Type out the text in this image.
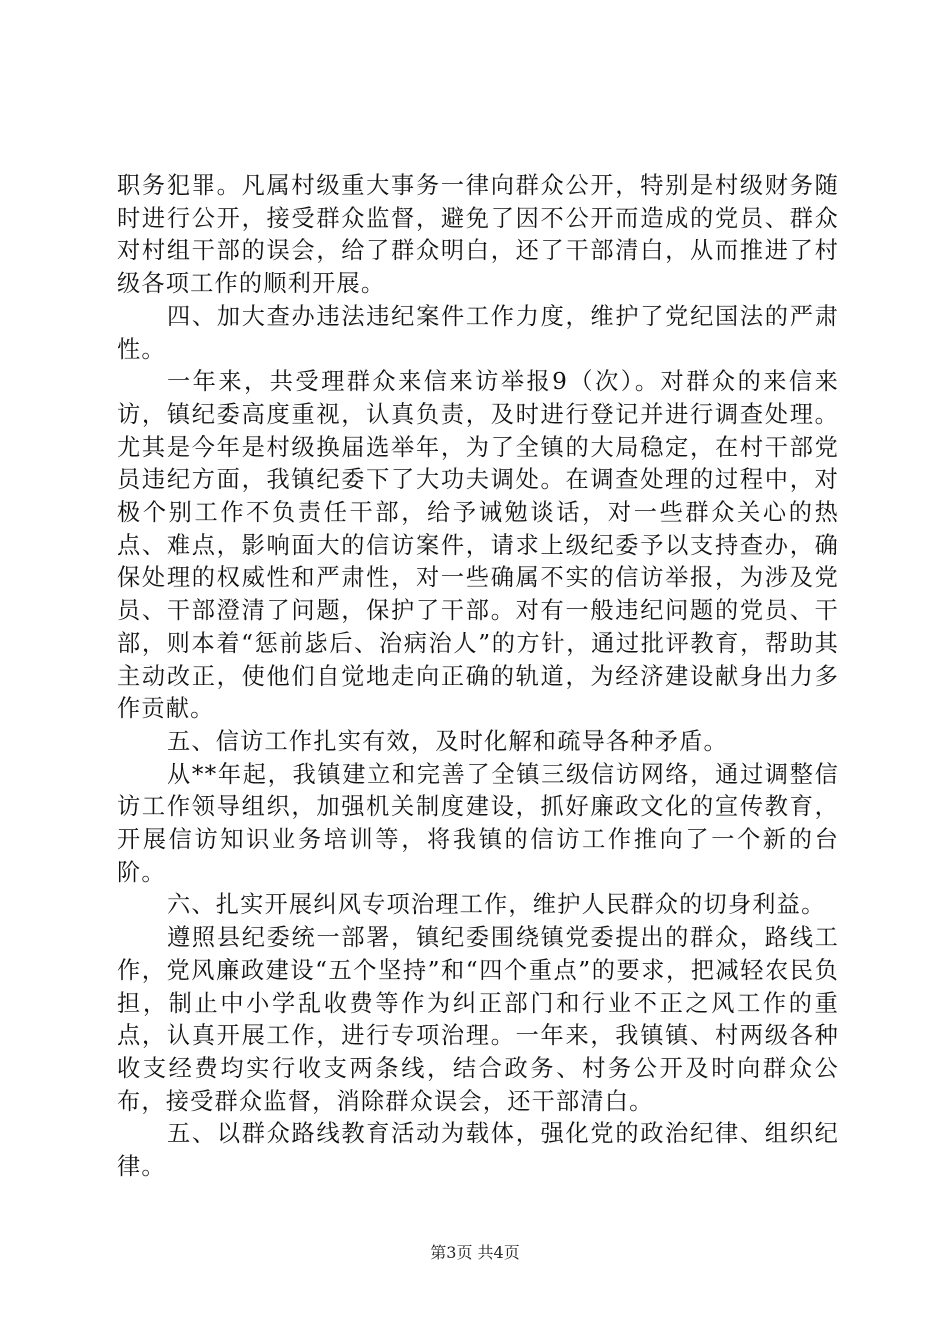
职务犯罪。凡属村级重大事务一律向群众公开，特别是村级财务随时进行公开，接受群众监督，避免了因不公开而造成的党员、群众对村组干部的误会，给了群众明白，还了干部清白，从而推进了村级各项工作的顺利开展。

四、加大查办违法违纪案件工作力度，维护了党纪国法的严肃性。

一年来，共受理群众来信来访举报9（次）。对群众的来信来访，镇纪委高度重视，认真负责，及时进行登记并进行调查处理。尤其是今年是村级换届选举年，为了全镇的大局稳定，在村干部党员违纪方面，我镇纪委下了大功夫调处。在调查处理的过程中，对极个别工作不负责任干部，给予诫勉谈话，对一些群众关心的热点、难点，影响面大的信访案件，请求上级纪委予以支持查办，确保处理的权威性和严肃性，对一些确属不实的信访举报，为涉及党员、干部澄清了问题，保护了干部。对有一般违纪问题的党员、干部，则本着“惩前毖后、治病治人”的方针，通过批评教育，帮助其主动改正，使他们自觉地走向正确的轨道，为经济建设献身出力多作贡献。

五、信访工作扎实有效，及时化解和疏导各种矛盾。

从**年起，我镇建立和完善了全镇三级信访网络，通过调整信访工作领导组织，加强机关制度建设，抓好廉政文化的宣传教育，开展信访知识业务培训等，将我镇的信访工作推向了一个新的台阶。

六、扎实开展纠风专项治理工作，维护人民群众的切身利益。

遵照县纪委统一部署，镇纪委围绕镇党委提出的群众，路线工作，党风廉政建设“五个坚持”和“四个重点”的要求，把减轻农民负担，制止中小学乱收费等作为纠正部门和行业不正之风工作的重点，认真开展工作，进行专项治理。一年来，我镇镇、村两级各种收支经费均实行收支两条线，结合政务、村务公开及时向群众公布，接受群众监督，消除群众误会，还干部清白。

五、以群众路线教育活动为载体，强化党的政治纪律、组织纪律。

第3页 共4页
